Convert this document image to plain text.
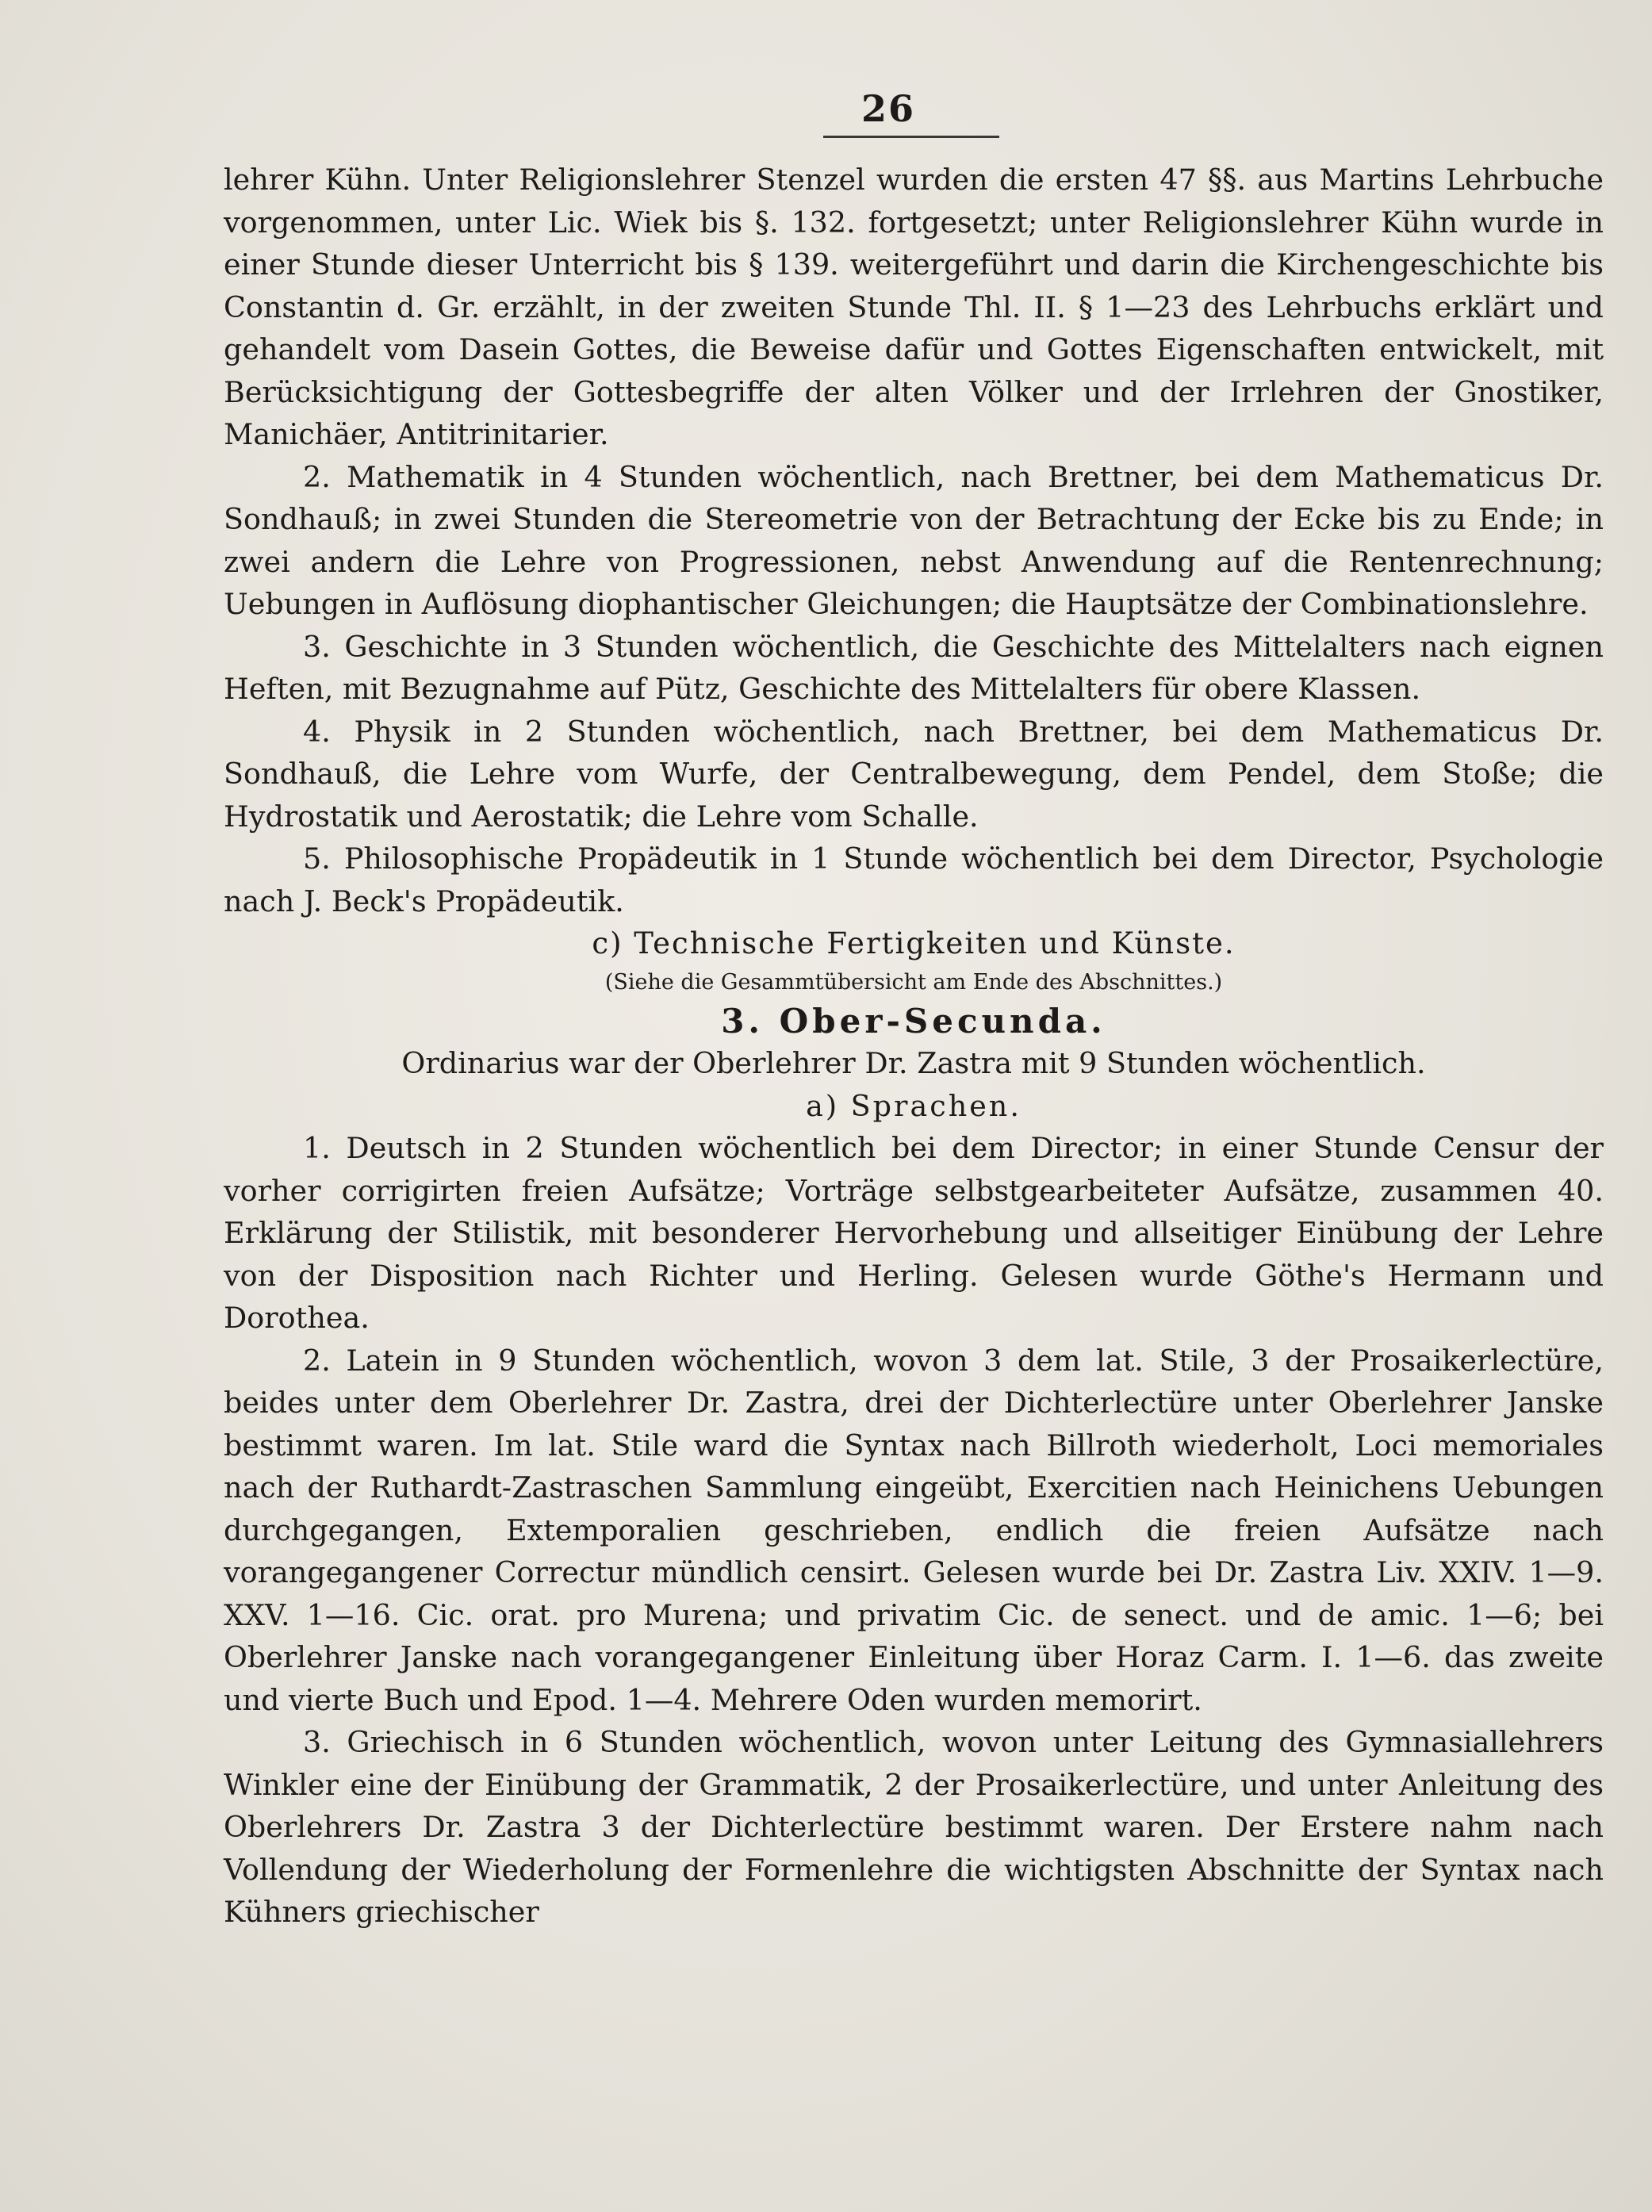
26

lehrer Kühn. Unter Religionslehrer Stenzel wurden die ersten 47 §§. aus Martins Lehrbuche vorgenommen, unter Lic. Wiek bis §. 132. fortgesetzt; unter Religionslehrer Kühn wurde in einer Stunde dieser Unterricht bis § 139. weitergeführt und darin die Kirchengeschichte bis Constantin d. Gr. erzählt, in der zweiten Stunde Thl. II. § 1—23 des Lehrbuchs erklärt und gehandelt vom Dasein Gottes, die Beweise dafür und Gottes Eigenschaften entwickelt, mit Berücksichtigung der Gottesbegriffe der alten Völker und der Irrlehren der Gnostiker, Manichäer, Antitrinitarier.

2. Mathematik in 4 Stunden wöchentlich, nach Brettner, bei dem Mathematicus Dr. Sondhauß; in zwei Stunden die Stereometrie von der Betrachtung der Ecke bis zu Ende; in zwei andern die Lehre von Progressionen, nebst Anwendung auf die Rentenrechnung; Uebungen in Auflösung diophantischer Gleichungen; die Hauptsätze der Combinationslehre.

3. Geschichte in 3 Stunden wöchentlich, die Geschichte des Mittelalters nach eignen Heften, mit Bezugnahme auf Pütz, Geschichte des Mittelalters für obere Klassen.

4. Physik in 2 Stunden wöchentlich, nach Brettner, bei dem Mathematicus Dr. Sondhauß, die Lehre vom Wurfe, der Centralbewegung, dem Pendel, dem Stoße; die Hydrostatik und Aerostatik; die Lehre vom Schalle.

5. Philosophische Propädeutik in 1 Stunde wöchentlich bei dem Director, Psychologie nach J. Beck's Propädeutik.

c) Technische Fertigkeiten und Künste.

(Siehe die Gesammtübersicht am Ende des Abschnittes.)

3. Ober-Secunda.

Ordinarius war der Oberlehrer Dr. Zastra mit 9 Stunden wöchentlich.

a) Sprachen.

1. Deutsch in 2 Stunden wöchentlich bei dem Director; in einer Stunde Censur der vorher corrigirten freien Aufsätze; Vorträge selbstgearbeiteter Aufsätze, zusammen 40. Erklärung der Stilistik, mit besonderer Hervorhebung und allseitiger Einübung der Lehre von der Disposition nach Richter und Herling. Gelesen wurde Göthe's Hermann und Dorothea.

2. Latein in 9 Stunden wöchentlich, wovon 3 dem lat. Stile, 3 der Prosaikerlectüre, beides unter dem Oberlehrer Dr. Zastra, drei der Dichterlectüre unter Oberlehrer Janske bestimmt waren. Im lat. Stile ward die Syntax nach Billroth wiederholt, Loci memoriales nach der Ruthardt-Zastraschen Sammlung eingeübt, Exercitien nach Heinichens Uebungen durchgegangen, Extemporalien geschrieben, endlich die freien Aufsätze nach vorangegangener Correctur mündlich censirt. Gelesen wurde bei Dr. Zastra Liv. XXIV. 1—9. XXV. 1—16. Cic. orat. pro Murena; und privatim Cic. de senect. und de amic. 1—6; bei Oberlehrer Janske nach vorangegangener Einleitung über Horaz Carm. I. 1—6. das zweite und vierte Buch und Epod. 1—4. Mehrere Oden wurden memorirt.

3. Griechisch in 6 Stunden wöchentlich, wovon unter Leitung des Gymnasiallehrers Winkler eine der Einübung der Grammatik, 2 der Prosaikerlectüre, und unter Anleitung des Oberlehrers Dr. Zastra 3 der Dichterlectüre bestimmt waren. Der Erstere nahm nach Vollendung der Wiederholung der Formenlehre die wichtigsten Abschnitte der Syntax nach Kühners griechischer
